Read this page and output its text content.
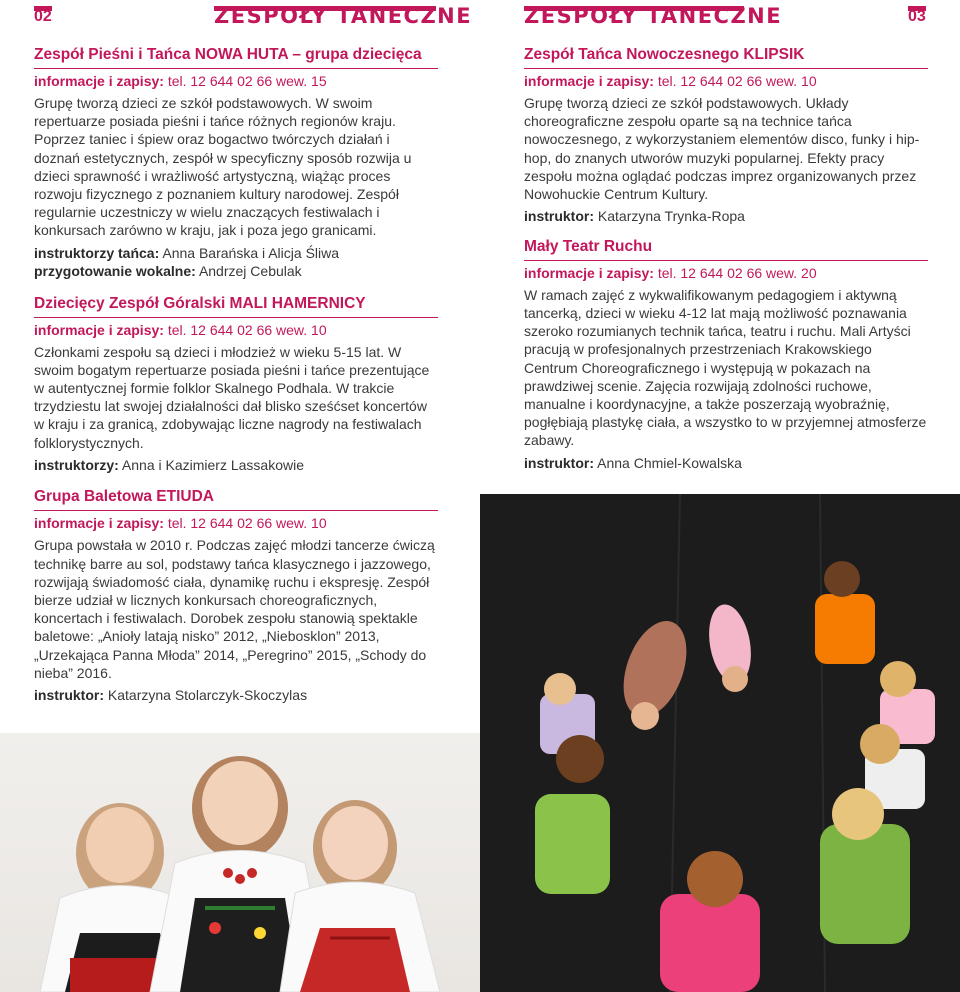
02	ZESPOŁY TANECZNE
Zespół Pieśni i Tańca NOWA HUTA – grupa dziecięca
informacje i zapisy: tel. 12 644 02 66 wew. 15

Grupę tworzą dzieci ze szkół podstawowych. W swoim repertuarze posiada pieśni i tańce różnych regionów kraju. Poprzez taniec i śpiew oraz bogactwo twórczych działań i doznań estetycznych, zespół w specyficzny sposób rozwija u dzieci sprawność i wrażliwość artystyczną, wiążąc proces rozwoju fizycznego z poznaniem kultury narodowej. Zespół regularnie uczestniczy w wielu znaczących festiwalach i konkursach zarówno w kraju, jak i poza jego granicami.

instruktorzy tańca: Anna Barańska i Alicja Śliwa
przygotowanie wokalne: Andrzej Cebulak
Dziecięcy Zespół Góralski MALI HAMERNICY
informacje i zapisy: tel. 12 644 02 66 wew. 10

Członkami zespołu są dzieci i młodzież w wieku 5-15 lat. W swoim bogatym repertuarze posiada pieśni i tańce prezentujące w autentycznej formie folklor Skalnego Podhala. W trakcie trzydziestu lat swojej działalności dał blisko sześćset koncertów w kraju i za granicą, zdobywając liczne nagrody na festiwalach folklorystycznych.

instruktorzy: Anna i Kazimierz Lassakowie
Grupa Baletowa ETIUDA
informacje i zapisy: tel. 12 644 02 66 wew. 10

Grupa powstała w 2010 r. Podczas zajęć młodzi tancerze ćwiczą technikę barre au sol, podstawy tańca klasycznego i jazzowego, rozwijają świadomość ciała, dynamikę ruchu i ekspresję. Zespół bierze udział w licznych konkursach choreograficznych, koncertach i festiwalach. Dorobek zespołu stanowią spektakle baletowe: „Anioły latają nisko” 2012, „Niebosklon” 2013, „Urzekająca Panna Młoda” 2014, „Peregrino” 2015, „Schody do nieba” 2016.

instruktor: Katarzyna Stolarczyk-Skoczylas
ZESPOŁY TANECZNE	03
Zespół Tańca Nowoczesnego KLIPSIK
informacje i zapisy: tel. 12 644 02 66 wew. 10

Grupę tworzą dzieci ze szkół podstawowych. Układy choreograficzne zespołu oparte są na technice tańca nowoczesnego, z wykorzystaniem elementów disco, funky i hip-hop, do znanych utworów muzyki popularnej. Efekty pracy zespołu można oglądać podczas imprez organizowanych przez Nowohuckie Centrum Kultury.

instruktor: Katarzyna Trynka-Ropa
Mały Teatr Ruchu
informacje i zapisy: tel. 12 644 02 66 wew. 20

W ramach zajęć z wykwalifikowanym pedagogiem i aktywną tancerką, dzieci w wieku 4-12 lat mają możliwość poznawania szeroko rozumianych technik tańca, teatru i ruchu. Mali Artyści pracują w profesjonalnych przestrzeniach Krakowskiego Centrum Choreograficznego i występują w pokazach na prawdziwej scenie. Zajęcia rozwijają zdolności ruchowe, manualne i koordynacyjne, a także poszerzają wyobraźnię, pogłębiają plastykę ciała, a wszystko to w przyjemnej atmosferze zabawy.

instruktor: Anna Chmiel-Kowalska
